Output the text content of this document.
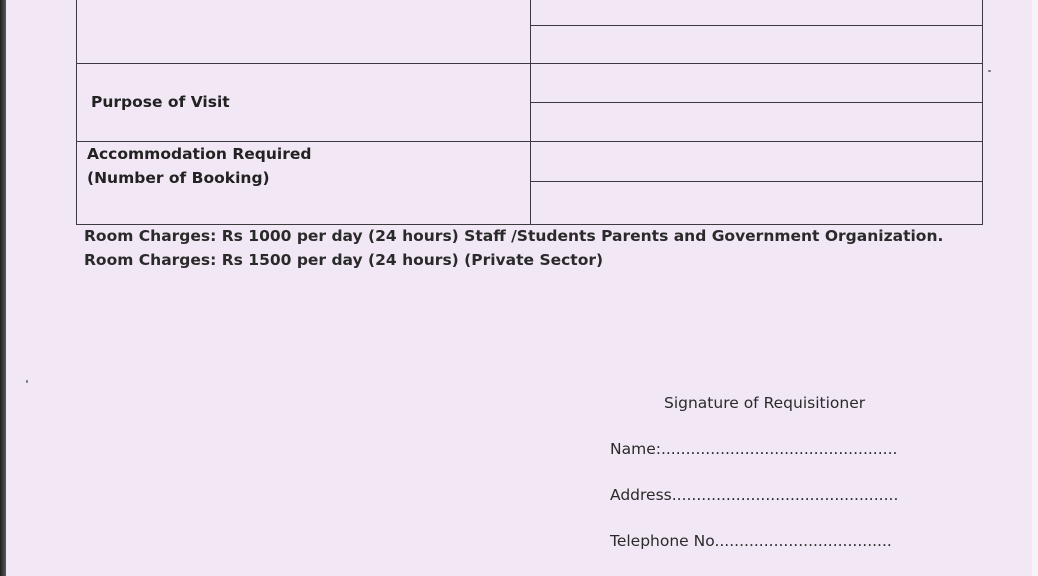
Purpose of Visit	

Accommodation Required
(Number of Booking)	

Room Charges: Rs 1000 per day (24 hours) Staff /Students Parents and Government Organization.
Room Charges: Rs 1500 per day (24 hours) (Private Sector)
Signature of Requisitioner
Name:................................................
Address..............................................
Telephone No....................................
